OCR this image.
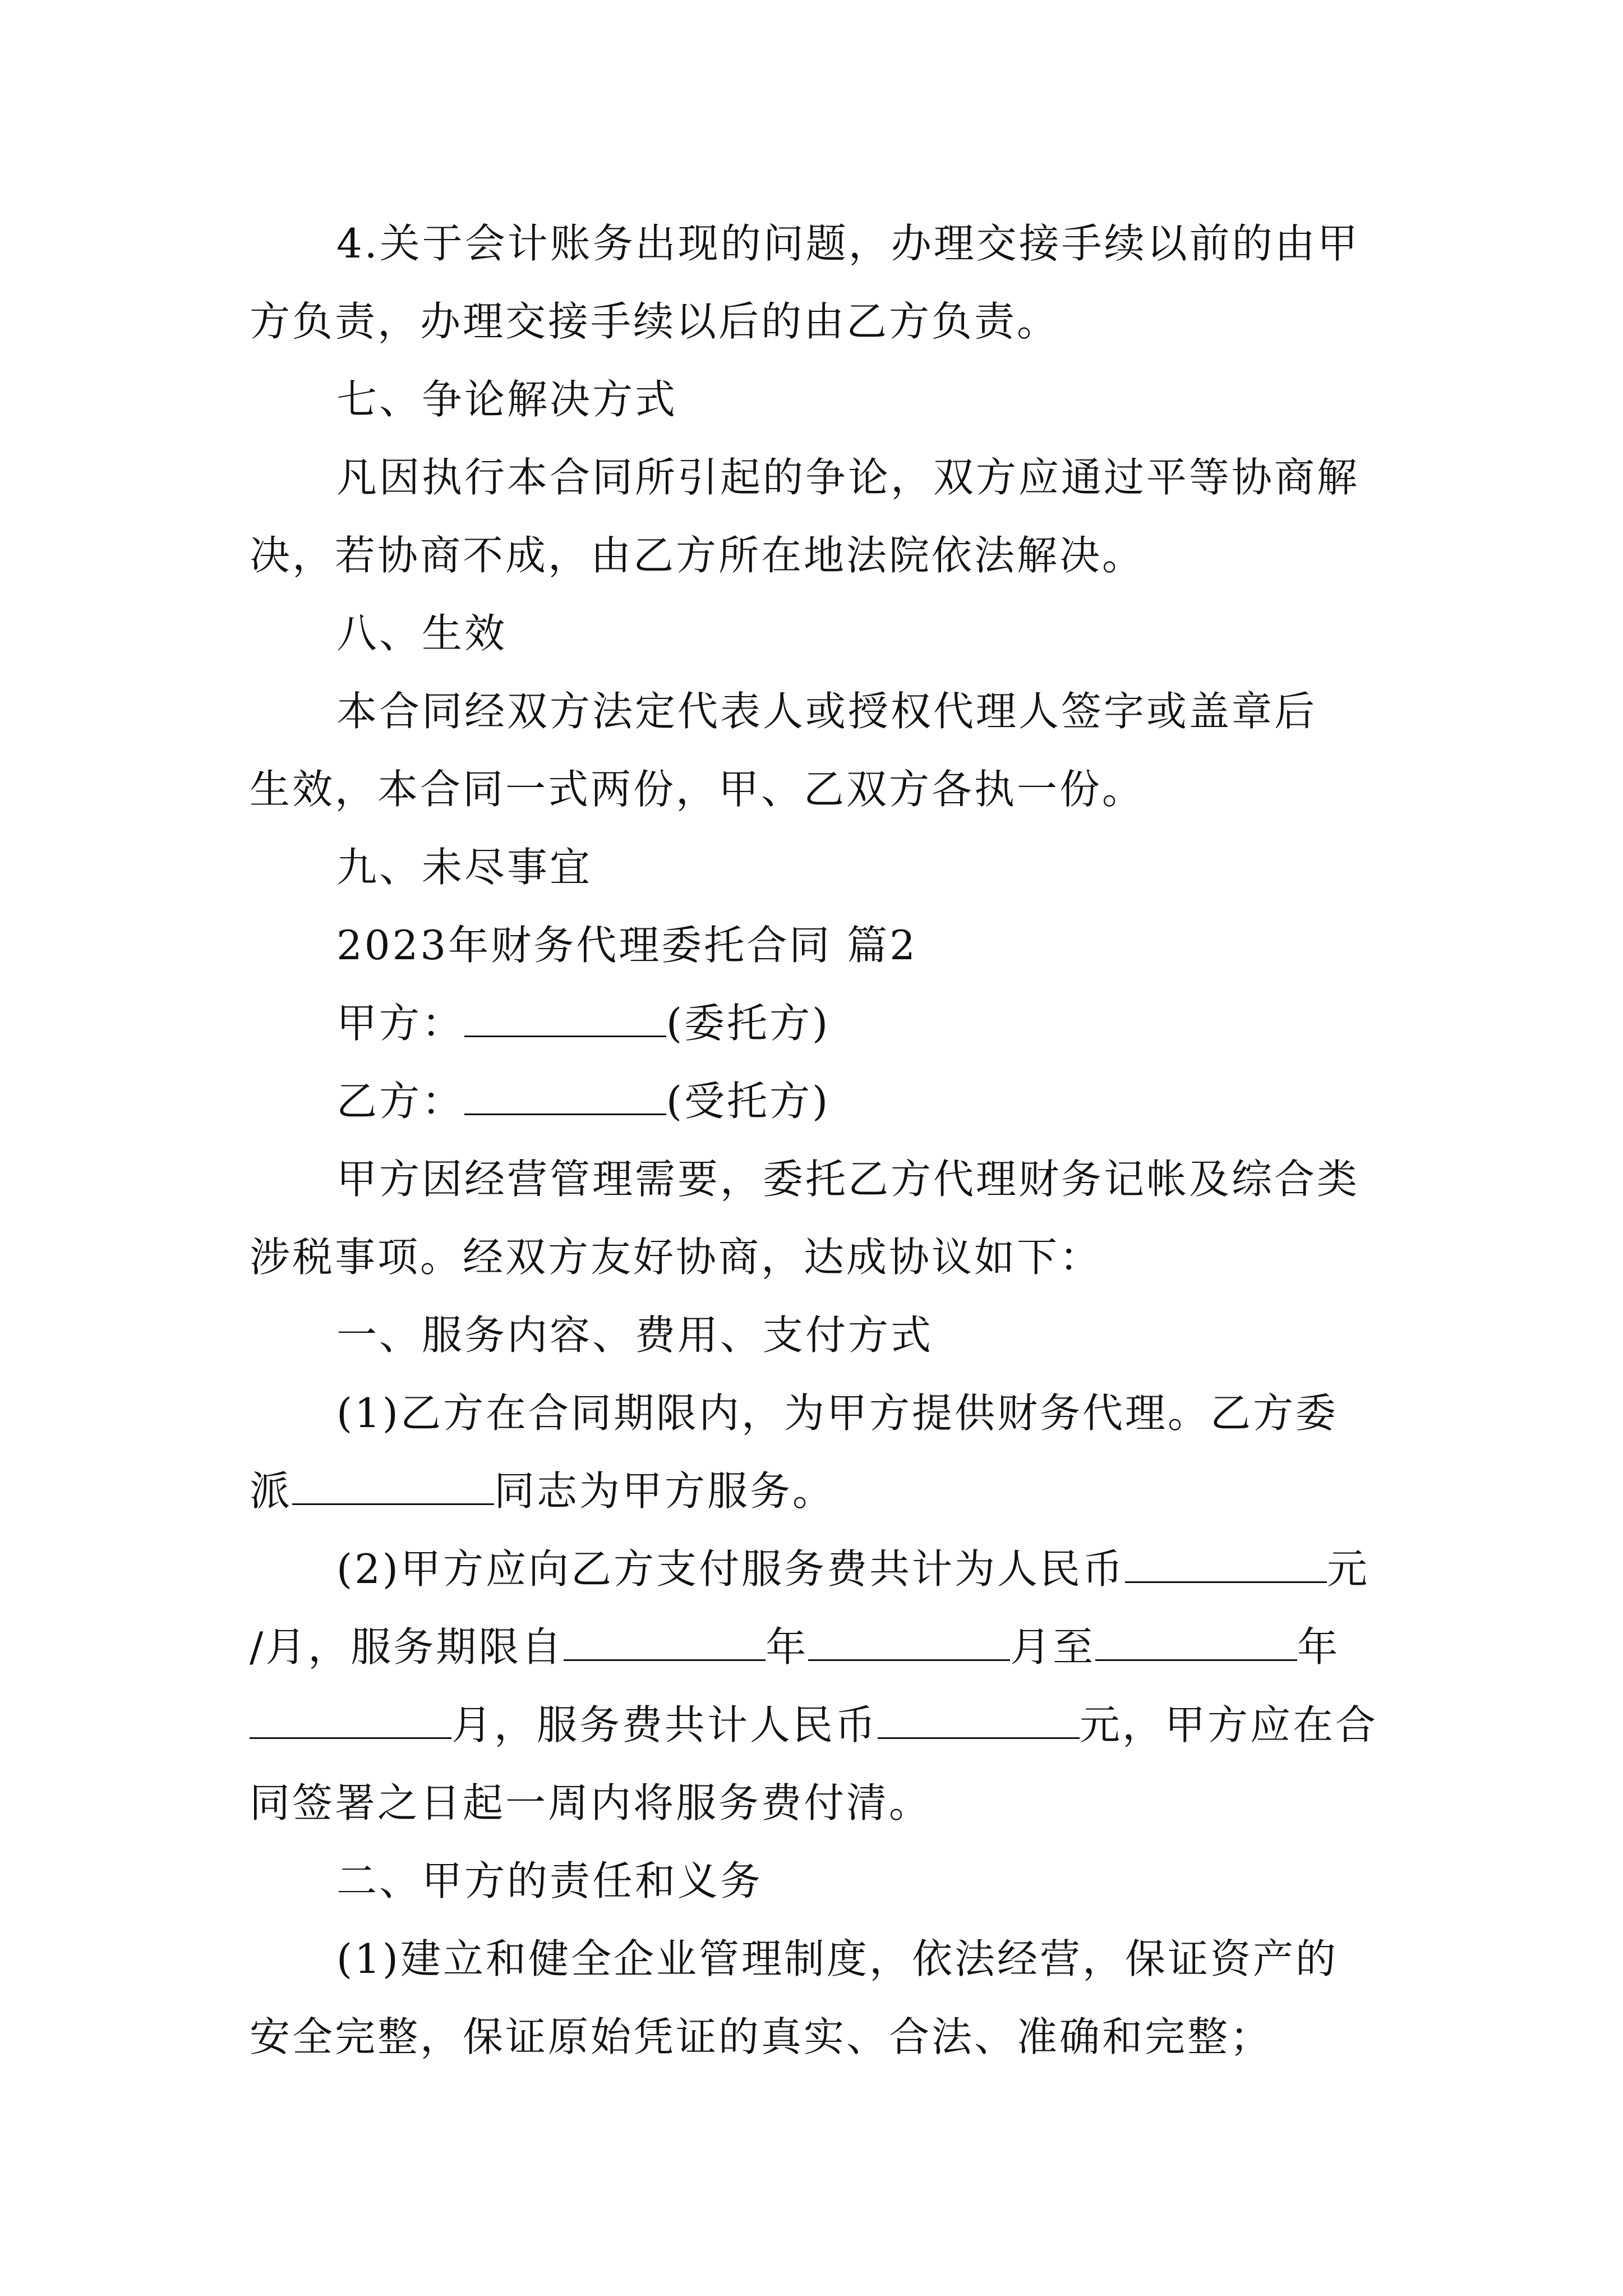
4.关于会计账务出现的问题，办理交接手续以前的由甲
方负责，办理交接手续以后的由乙方负责。
七、争论解决方式
凡因执行本合同所引起的争论，双方应通过平等协商解
决，若协商不成，由乙方所在地法院依法解决。
八、生效
本合同经双方法定代表人或授权代理人签字或盖章后
生效，本合同一式两份，甲、乙双方各执一份。
九、未尽事宜
2023年财务代理委托合同 篇2
甲方：	(委托方)
乙方：	(受托方)
甲方因经营管理需要，委托乙方代理财务记帐及综合类
涉税事项。经双方友好协商，达成协议如下：
一、服务内容、费用、支付方式
(1)乙方在合同期限内，为甲方提供财务代理。乙方委
派	同志为甲方服务。
(2)甲方应向乙方支付服务费共计为人民币	元
/月，服务期限自	年	月至	年
月，服务费共计人民币	元，甲方应在合
同签署之日起一周内将服务费付清。
二、甲方的责任和义务
(1)建立和健全企业管理制度，依法经营，保证资产的
安全完整，保证原始凭证的真实、合法、准确和完整；
